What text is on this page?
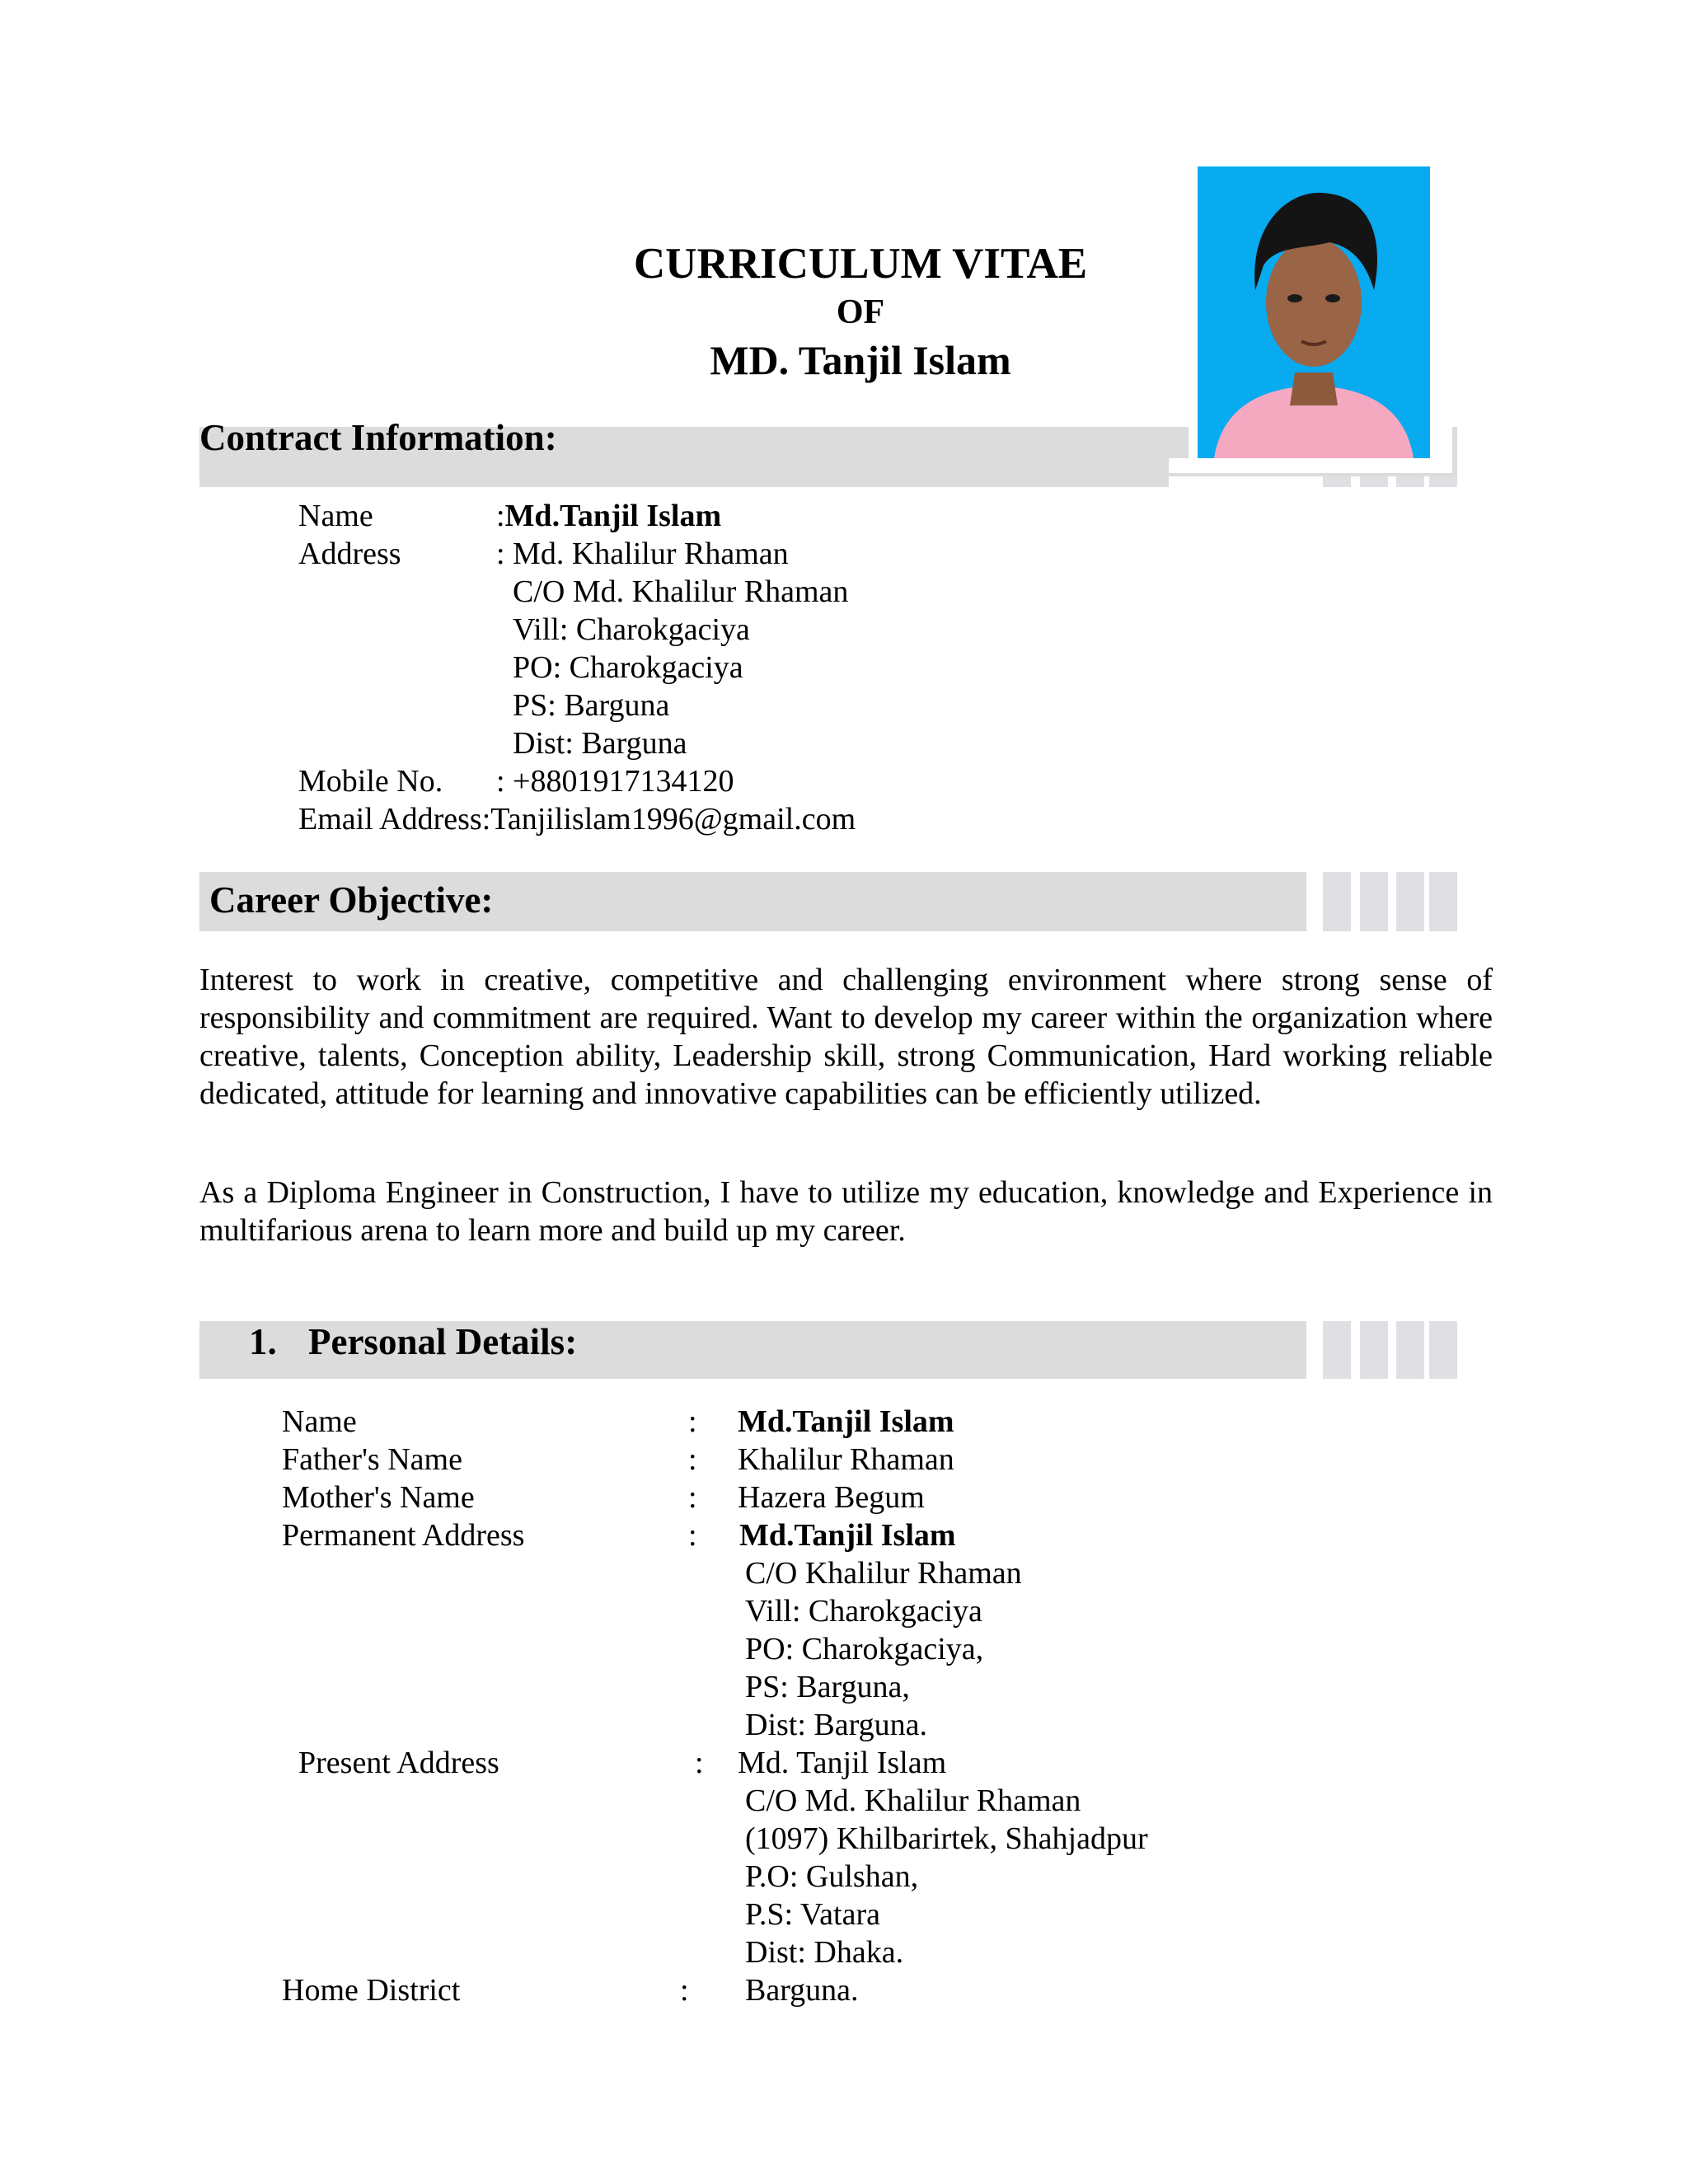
CURRICULUM VITAE
OF
MD. Tanjil Islam
Contract Information:
Name	:Md.Tanjil Islam
Address	: Md. Khalilur Rhaman
C/O Md. Khalilur Rhaman
Vill: Charokgaciya
PO: Charokgaciya
PS: Barguna
Dist: Barguna
Mobile No. : +8801917134120
Email Address:Tanjilislam1996@gmail.com
Career Objective:
Interest to work in creative, competitive and challenging environment where strong sense of responsibility and commitment are required. Want to develop my career within the organization where creative, talents, Conception ability, Leadership skill, strong Communication, Hard working reliable dedicated, attitude for learning and innovative capabilities can be efficiently utilized.
As a Diploma Engineer in Construction, I have to utilize my education, knowledge and Experience in multifarious arena to learn more and build up my career.
1. Personal Details:
Name	: Md.Tanjil Islam
Father's Name	: Khalilur Rhaman
Mother's Name	: Hazera Begum
Permanent Address	: Md.Tanjil Islam
C/O Khalilur Rhaman
Vill: Charokgaciya
PO: Charokgaciya,
PS: Barguna,
Dist: Barguna.
Present Address	: Md. Tanjil Islam
C/O Md. Khalilur Rhaman
(1097) Khilbarirtek, Shahjadpur
P.O: Gulshan,
P.S: Vatara
Dist: Dhaka.
Home District	: Barguna.
